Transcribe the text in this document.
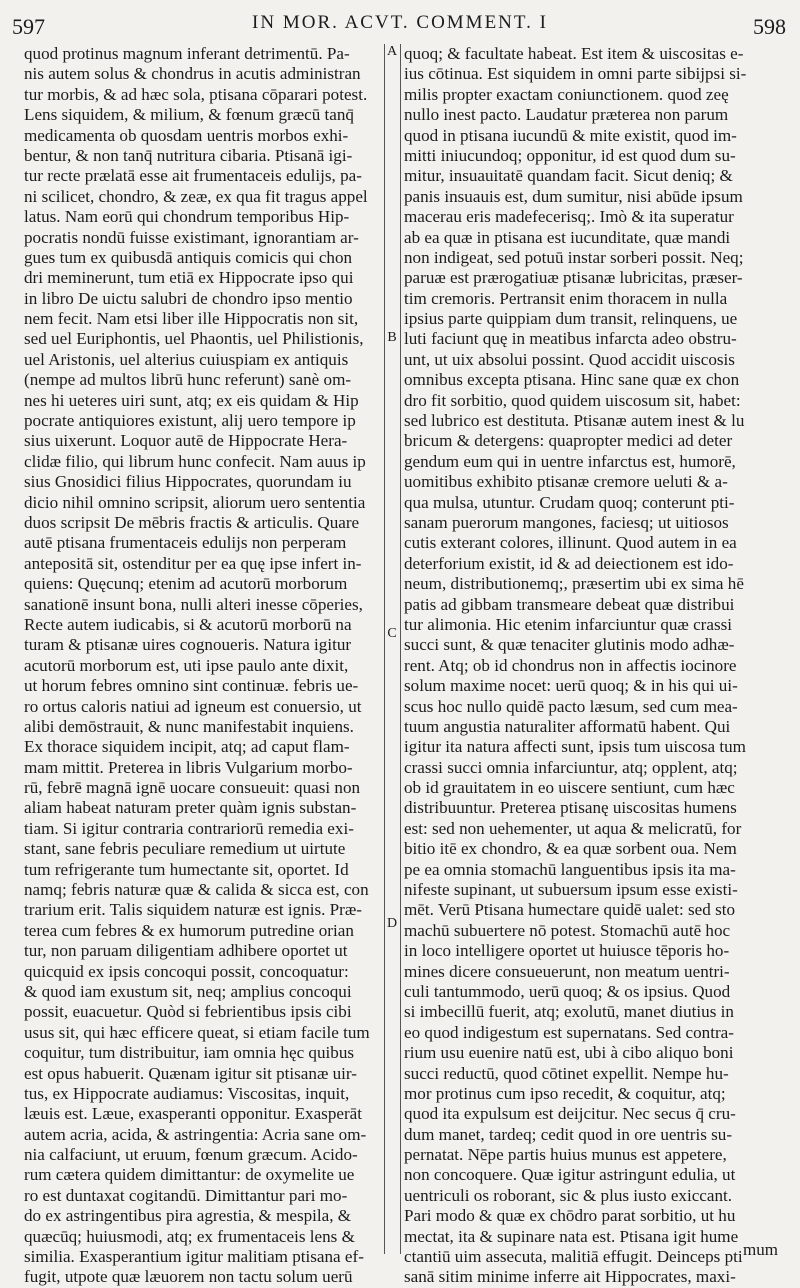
597	IN MOR. ACVT. COMMENT. I	598
A
B
C
D
quod protinus magnum inferant detrimentū. Pa-
nis autem solus & chondrus in acutis administran
tur morbis, & ad hæc sola, ptisana cōparari potest.
Lens siquidem, & milium, & fœnum græcū tanq̄
medicamenta ob quosdam uentris morbos exhi-
bentur, & non tanq̄ nutritura cibaria. Ptisanā igi-
tur recte prælatā esse ait frumentaceis edulijs, pa-
ni scilicet, chondro, & zeæ, ex qua fit tragus appel
latus. Nam eorū qui chondrum temporibus Hip-
pocratis nondū fuisse existimant, ignorantiam ar-
gues tum ex quibusdā antiquis comicis qui chon
dri meminerunt, tum etiā ex Hippocrate ipso qui
in libro De uictu salubri de chondro ipso mentio
nem fecit. Nam etsi liber ille Hippocratis non sit,
sed uel Euriphontis, uel Phaontis, uel Philistionis,
uel Aristonis, uel alterius cuiuspiam ex antiquis
(nempe ad multos librū hunc referunt) sanè om-
nes hi ueteres uiri sunt, atq; ex eis quidam & Hip
pocrate antiquiores existunt, alij uero tempore ip
sius uixerunt. Loquor autē de Hippocrate Hera-
clidæ filio, qui librum hunc confecit. Nam auus ip
sius Gnosidici filius Hippocrates, quorundam iu
dicio nihil omnino scripsit, aliorum uero sententia
duos scripsit De mēbris fractis & articulis. Quare
autē ptisana frumentaceis edulijs non perperam
antepositā sit, ostenditur per ea quę ipse infert in-
quiens: Quęcunq; etenim ad acutorū morborum
sanationē insunt bona, nulli alteri inesse cōperies,
Recte autem iudicabis, si & acutorū morborū na
turam & ptisanæ uires cognoueris. Natura igitur
acutorū morborum est, uti ipse paulo ante dixit,
ut horum febres omnino sint continuæ. febris ue-
ro ortus caloris natiui ad igneum est conuersio, ut
alibi demōstrauit, & nunc manifestabit inquiens.
Ex thorace siquidem incipit, atq; ad caput flam-
mam mittit. Preterea in libris Vulgarium morbo-
rū, febrē magnā ignē uocare consueuit: quasi non
aliam habeat naturam preter quàm ignis substan-
tiam. Si igitur contraria contrariorū remedia exi-
stant, sane febris peculiare remedium ut uirtute
tum refrigerante tum humectante sit, oportet. Id
namq; febris naturæ quæ & calida & sicca est, con
trarium erit. Talis siquidem naturæ est ignis. Præ-
terea cum febres & ex humorum putredine orian
tur, non paruam diligentiam adhibere oportet ut
quicquid ex ipsis concoqui possit, concoquatur:
& quod iam exustum sit, neq; amplius concoqui
possit, euacuetur. Quòd si febrientibus ipsis cibi
usus sit, qui hæc efficere queat, si etiam facile tum
coquitur, tum distribuitur, iam omnia hęc quibus
est opus habuerit. Quænam igitur sit ptisanæ uir-
tus, ex Hippocrate audiamus: Viscositas, inquit,
læuis est. Læue, exasperanti opponitur. Exasperāt
autem acria, acida, & astringentia: Acria sane om-
nia calfaciunt, ut eruum, fœnum græcum. Acido-
rum cætera quidem dimittantur: de oxymelite ue
ro est duntaxat cogitandū. Dimittantur pari mo-
do ex astringentibus pira agrestia, & mespila, &
quæcūq; huiusmodi, atq; ex frumentaceis lens &
similia. Exasperantium igitur malitiam ptisana ef-
fugit, utpote quæ læuorem non tactu solum uerū
quoq; & facultate habeat. Est item & uiscositas e-
ius cōtinua. Est siquidem in omni parte sibijpsi si-
milis propter exactam coniunctionem. quod zeę
nullo inest pacto. Laudatur præterea non parum
quod in ptisana iucundū & mite existit, quod im-
mitti iniucundoq; opponitur, id est quod dum su-
mitur, insuauitatē quandam facit. Sicut deniq; &
panis insuauis est, dum sumitur, nisi abūde ipsum
macerau eris madefecerisq;. Imò & ita superatur
ab ea quæ in ptisana est iucunditate, quæ mandi
non indigeat, sed potuū instar sorberi possit. Neq;
paruæ est prærogatiuæ ptisanæ lubricitas, præser-
tim cremoris. Pertransit enim thoracem in nulla
ipsius parte quippiam dum transit, relinquens, ue
luti faciunt quę in meatibus infarcta adeo obstru-
unt, ut uix absolui possint. Quod accidit uiscosis
omnibus excepta ptisana. Hinc sane quæ ex chon
dro fit sorbitio, quod quidem uiscosum sit, habet:
sed lubrico est destituta. Ptisanæ autem inest & lu
bricum & detergens: quapropter medici ad deter
gendum eum qui in uentre infarctus est, humorē,
uomitibus exhibito ptisanæ cremore ueluti & a-
qua mulsa, utuntur. Crudam quoq; conterunt pti-
sanam puerorum mangones, faciesq; ut uitiosos
cutis exterant colores, illinunt. Quod autem in ea
deterforium existit, id & ad deiectionem est ido-
neum, distributionemq;, præsertim ubi ex sima hē
patis ad gibbam transmeare debeat quæ distribui
tur alimonia. Hic etenim infarciuntur quæ crassi
succi sunt, & quæ tenaciter glutinis modo adhæ-
rent. Atq; ob id chondrus non in affectis iocinore
solum maxime nocet: uerū quoq; & in his qui ui-
scus hoc nullo quidē pacto læsum, sed cum mea-
tuum angustia naturaliter afformatū habent. Qui
igitur ita natura affecti sunt, ipsis tum uiscosa tum
crassi succi omnia infarciuntur, atq; opplent, atq;
ob id grauitatem in eo uiscere sentiunt, cum hæc
distribuuntur. Preterea ptisanę uiscositas humens
est: sed non uehementer, ut aqua & melicratū, for
bitio itē ex chondro, & ea quæ sorbent oua. Nem
pe ea omnia stomachū languentibus ipsis ita ma-
nifeste supinant, ut subuersum ipsum esse existi-
mēt. Verū Ptisana humectare quidē ualet: sed sto
machū subuertere nō potest. Stomachū autē hoc
in loco intelligere oportet ut huiusce tēporis ho-
mines dicere consueuerunt, non meatum uentri-
culi tantummodo, uerū quoq; & os ipsius. Quod
si imbecillū fuerit, atq; exolutū, manet diutius in
eo quod indigestum est supernatans. Sed contra-
rium usu euenire natū est, ubi à cibo aliquo boni
succi reductū, quod cōtinet expellit. Nempe hu-
mor protinus cum ipso recedit, & coquitur, atq;
quod ita expulsum est deijcitur. Nec secus q̄ cru-
dum manet, tardeq; cedit quod in ore uentris su-
pernatat. Nēpe partis huius munus est appetere,
non concoquere. Quæ igitur astringunt edulia, ut
uentriculi os roborant, sic & plus iusto exiccant.
Pari modo & quæ ex chōdro parat sorbitio, ut hu
mectat, ita & supinare nata est. Ptisana igit hume
ctantiū uim assecuta, malitiā effugit. Deinceps pti
sanā sitim minime inferre ait Hippocrates, maxi-
mum
